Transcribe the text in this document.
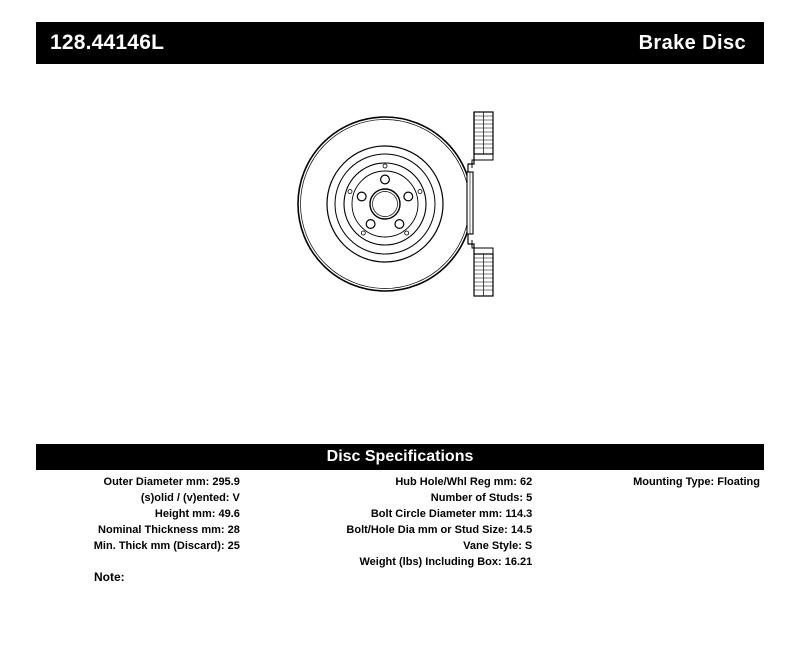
128.44146L	Brake Disc
Disc Specifications
Outer Diameter mm: 295.9
(s)olid / (v)ented: V
Height mm: 49.6
Nominal Thickness mm: 28
Min. Thick mm (Discard): 25
Hub Hole/Whl Reg mm: 62
Number of Studs: 5
Bolt Circle Diameter mm: 114.3
Bolt/Hole Dia mm or Stud Size: 14.5
Vane Style: S
Weight (lbs) Including Box: 16.21
Mounting Type: Floating
Note:
